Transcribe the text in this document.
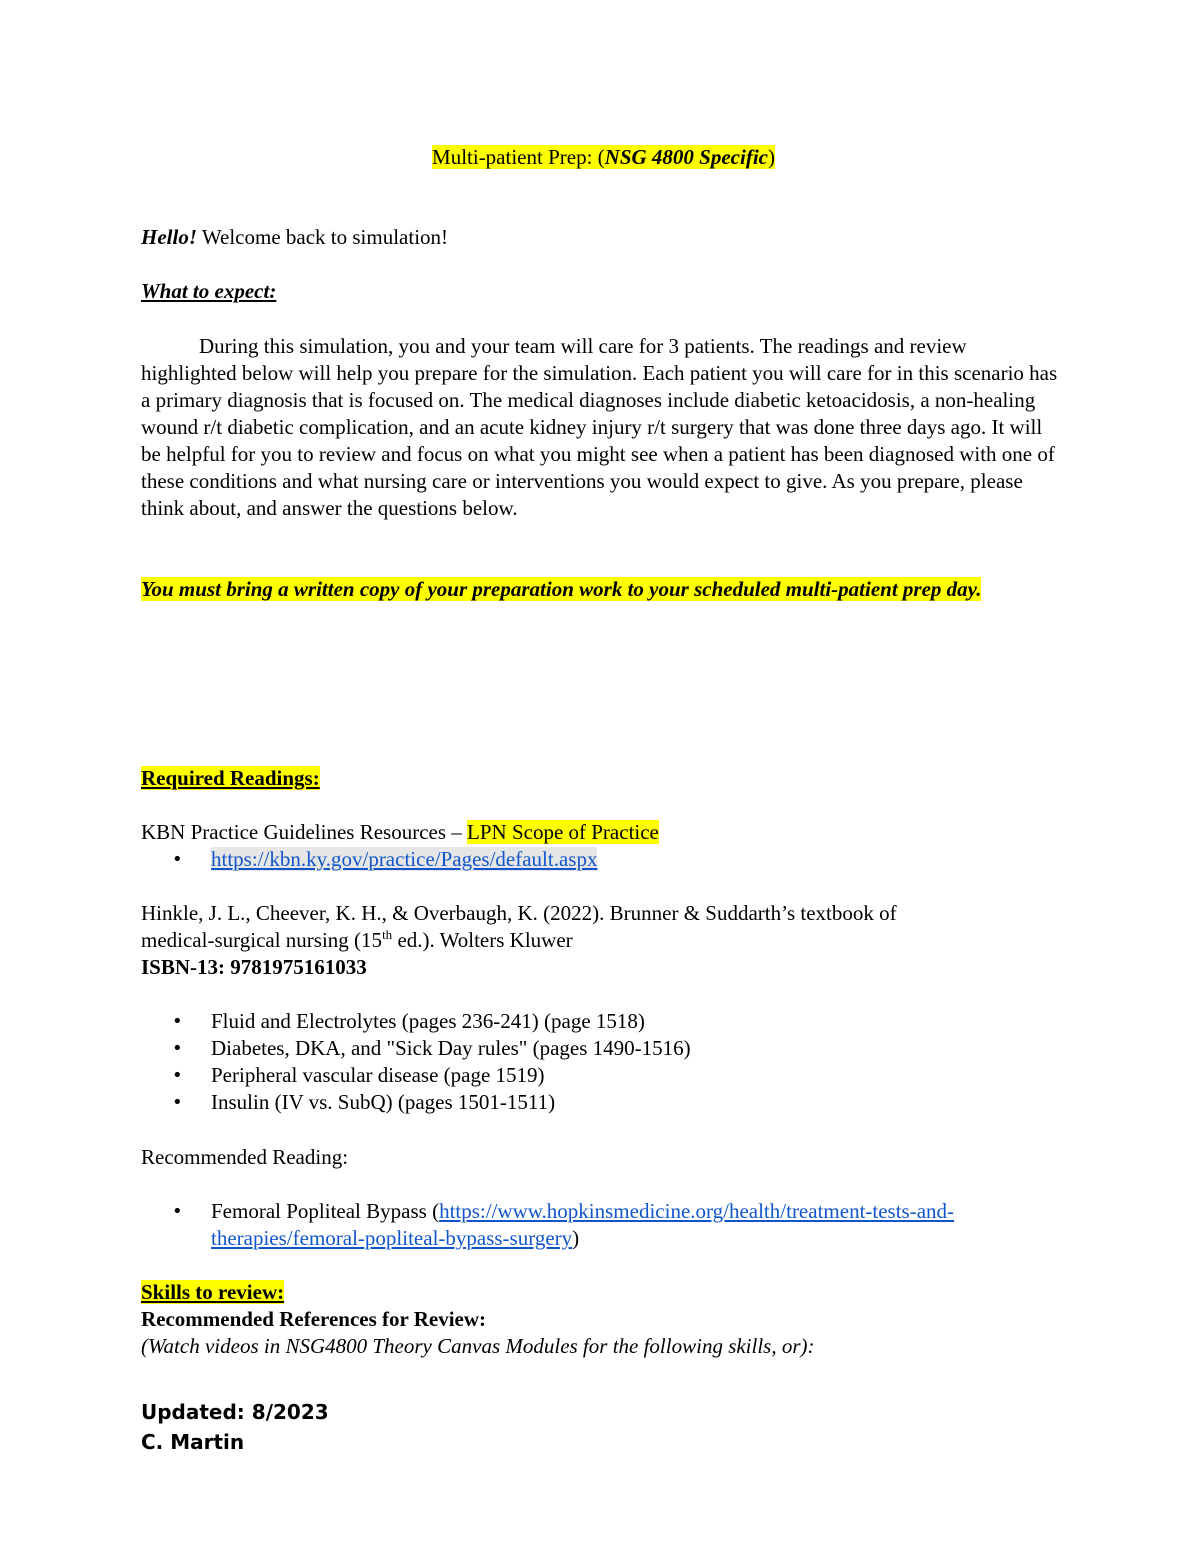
Multi-patient Prep: (NSG 4800 Specific)
Hello! Welcome back to simulation!
What to expect:

During this simulation, you and your team will care for 3 patients. The readings and review highlighted below will help you prepare for the simulation. Each patient you will care for in this scenario has a primary diagnosis that is focused on. The medical diagnoses include diabetic ketoacidosis, a non-healing wound r/t diabetic complication, and an acute kidney injury r/t surgery that was done three days ago. It will be helpful for you to review and focus on what you might see when a patient has been diagnosed with one of these conditions and what nursing care or interventions you would expect to give. As you prepare, please think about, and answer the questions below.

You must bring a written copy of your preparation work to your scheduled multi-patient prep day.
Required Readings:
KBN Practice Guidelines Resources – LPN Scope of Practice
• https://kbn.ky.gov/practice/Pages/default.aspx
Hinkle, J. L., Cheever, K. H., & Overbaugh, K. (2022). Brunner & Suddarth’s textbook of
medical-surgical nursing (15th ed.). Wolters Kluwer
ISBN-13: 9781975161033
• Fluid and Electrolytes (pages 236-241) (page 1518)
• Diabetes, DKA, and "Sick Day rules" (pages 1490-1516)
• Peripheral vascular disease (page 1519)
• Insulin (IV vs. SubQ) (pages 1501-1511)
Recommended Reading:
• Femoral Popliteal Bypass (https://www.hopkinsmedicine.org/health/treatment-tests-and-
therapies/femoral-popliteal-bypass-surgery)
Skills to review:
Recommended References for Review:
(Watch videos in NSG4800 Theory Canvas Modules for the following skills, or):
Updated: 8/2023
C. Martin
